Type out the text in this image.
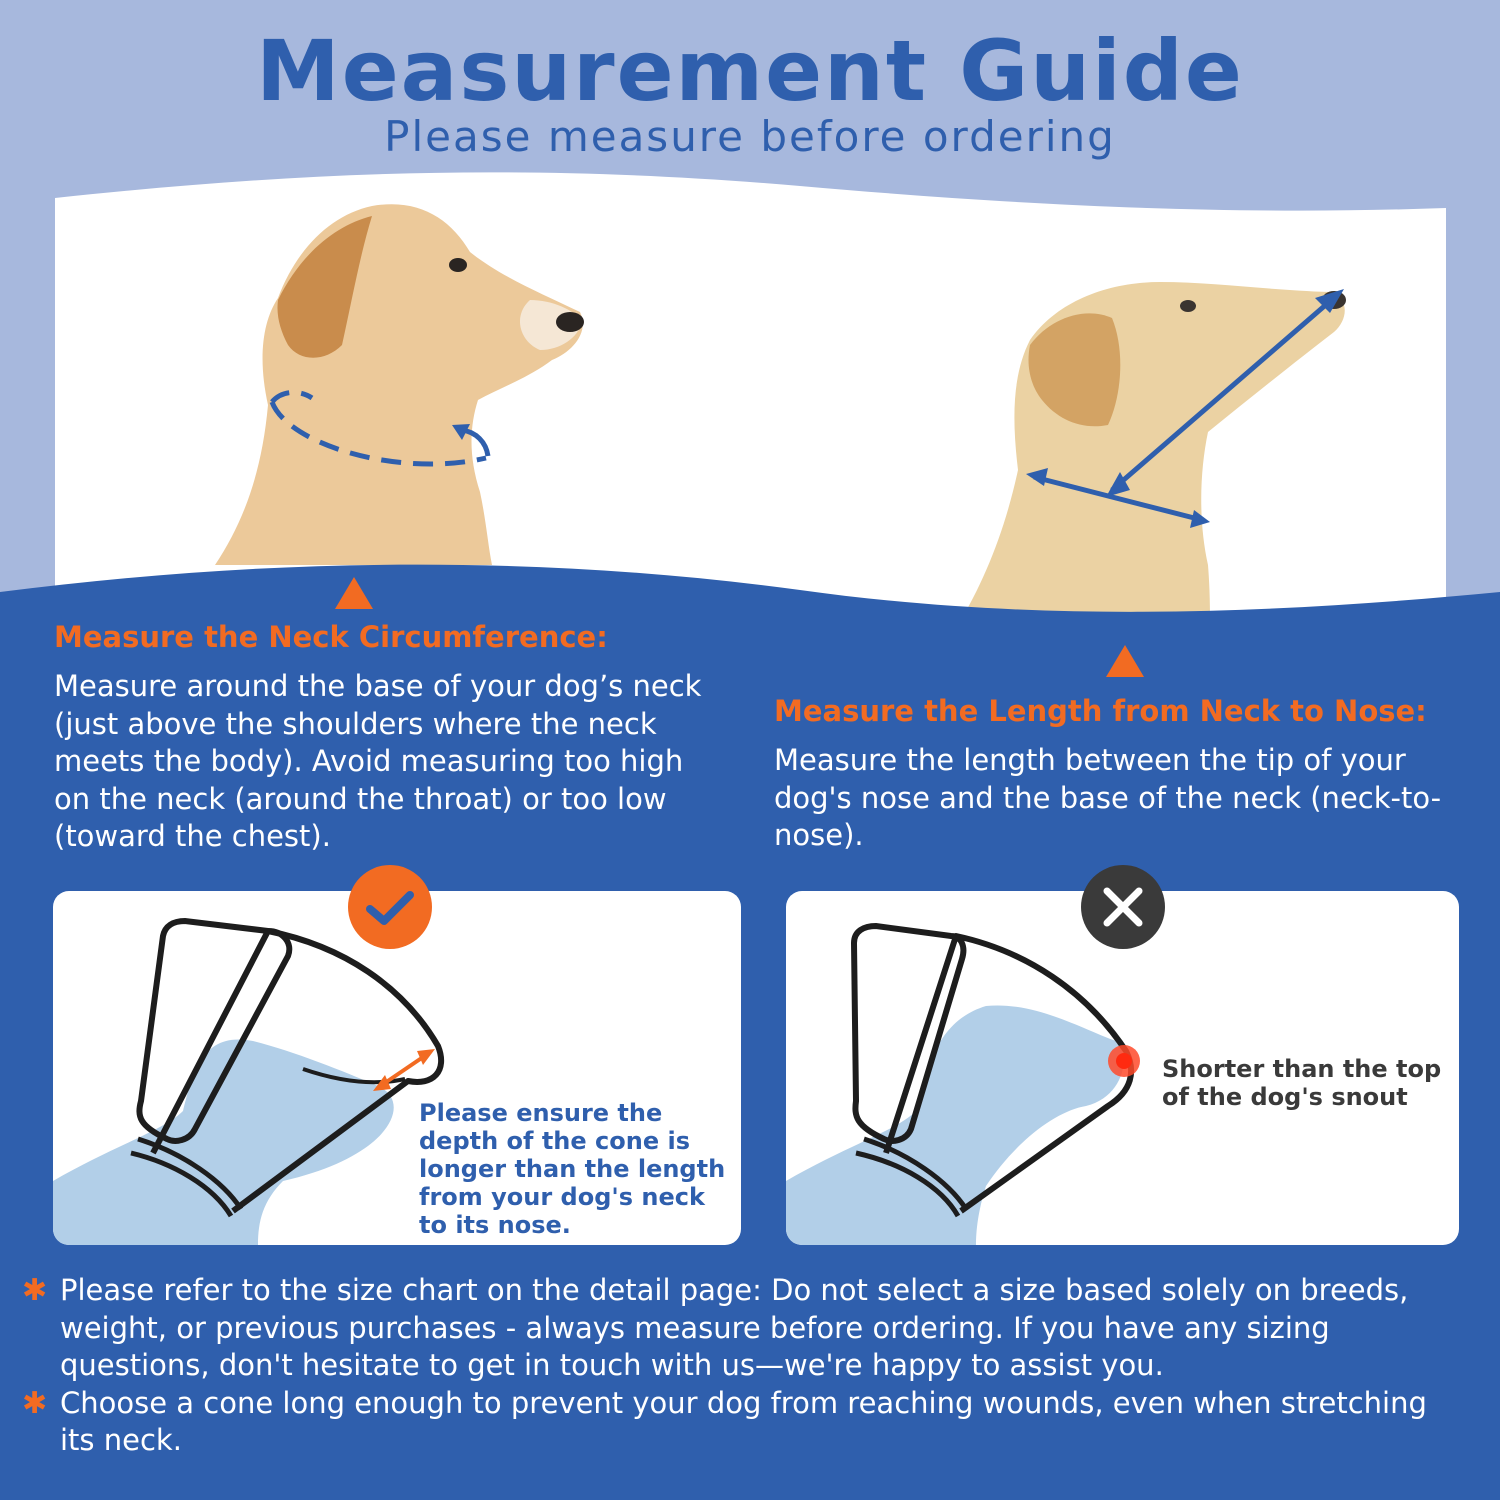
Measurement Guide
Please measure before ordering
Measure the Neck Circumference:
Measure around the base of your dog’s neck (just above the shoulders where the neck meets the body). Avoid measuring too high on the neck (around the throat) or too low (toward the chest).
Measure the Length from Neck to Nose:
Measure the length between the tip of your dog's nose and the base of the neck (neck-to-nose).
Please ensure the depth of the cone is longer than the length from your dog's neck to its nose.
Shorter than the top of the dog's snout
✱ Please refer to the size chart on the detail page: Do not select a size based solely on breeds, weight, or previous purchases - always measure before ordering. If you have any sizing questions, don't hesitate to get in touch with us—we're happy to assist you.
✱ Choose a cone long enough to prevent your dog from reaching wounds, even when stretching its neck.
